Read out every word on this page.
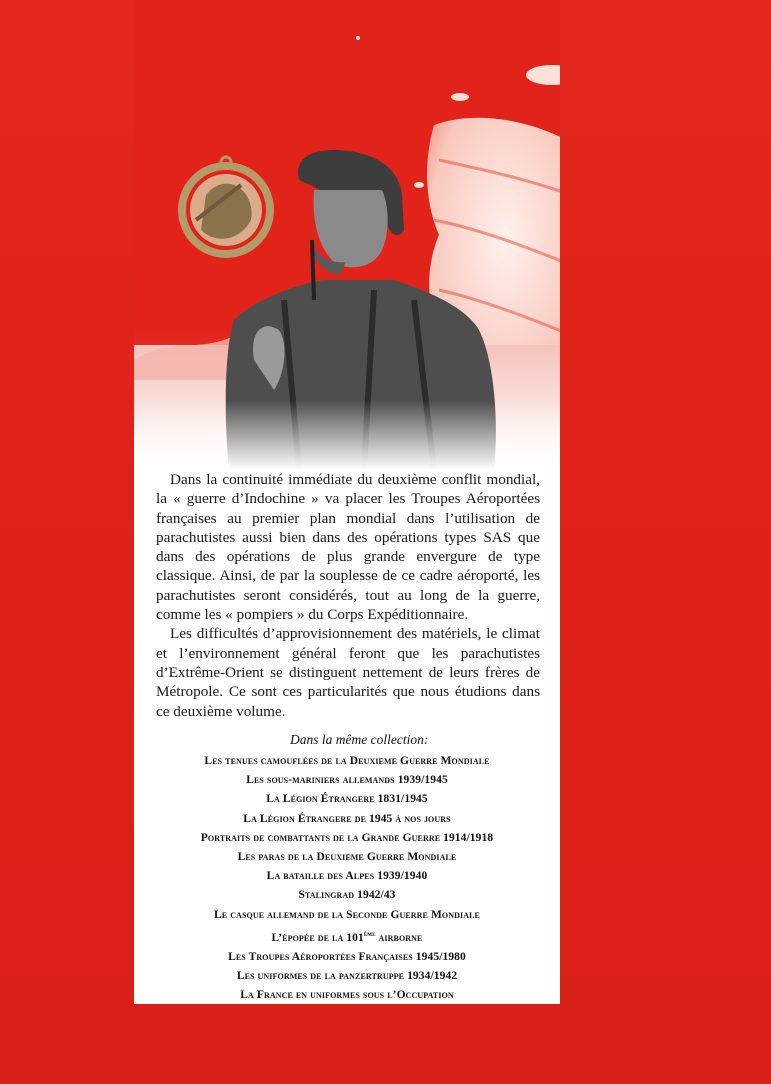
Dans la continuité immédiate du deuxième conflit mondial, la « guerre d’Indochine » va placer les Troupes Aéroportées françaises au premier plan mondial dans l’utilisation de parachutistes aussi bien dans des opérations types SAS que dans des opérations de plus grande envergure de type classique. Ainsi, de par la souplesse de ce cadre aéroporté, les parachutistes seront considérés, tout au long de la guerre, comme les « pompiers » du Corps Expéditionnaire.

Les difficultés d’approvisionnement des matériels, le climat et l’environnement général feront que les parachutistes d’Extrême-Orient se distinguent nettement de leurs frères de Métropole. Ce sont ces particularités que nous étudions dans ce deuxième volume.

Dans la même collection:
Les tenues camouflées de la Deuxieme Guerre Mondiale
Les sous-mariniers allemands 1939/1945
La Légion Étrangere 1831/1945
La Légion Étrangere de 1945 à nos jours
Portraits de combattants de la Grande Guerre 1914/1918
Les paras de la Deuxieme Guerre Mondiale
La bataille des Alpes 1939/1940
Stalingrad 1942/43
Le casque allemand de la Seconde Guerre Mondiale
L’épopée de la 101ème airborne
Les Troupes Aéroportées Françaises 1945/1980
Les uniformes de la panzertruppe 1934/1942
La France en uniformes sous l’Occupation
